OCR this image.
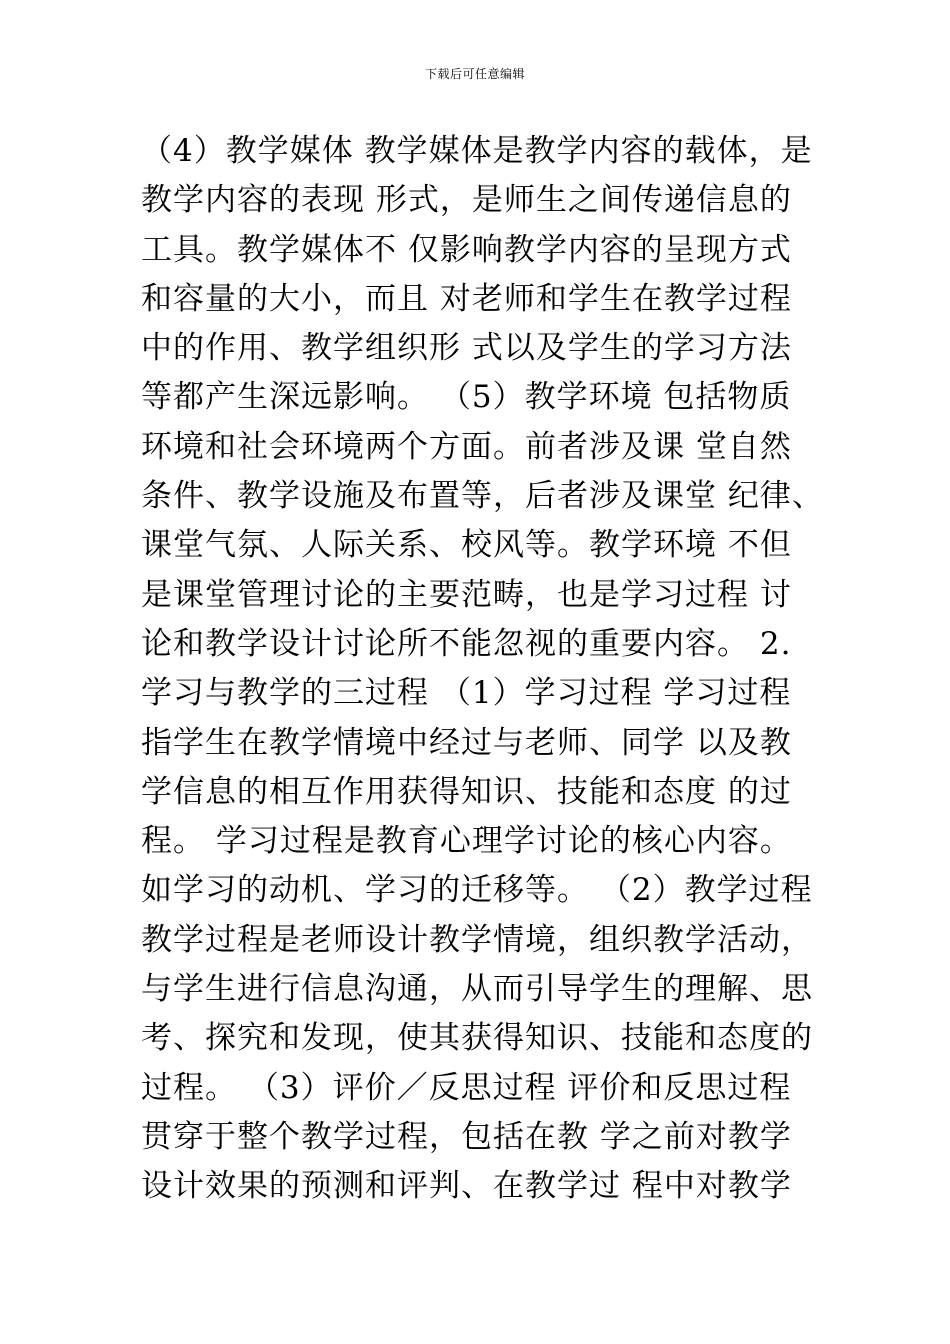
下载后可任意编辑
（4）教学媒体 教学媒体是教学内容的载体，是
教学内容的表现 形式，是师生之间传递信息的
工具。教学媒体不 仅影响教学内容的呈现方式
和容量的大小，而且 对老师和学生在教学过程
中的作用、教学组织形 式以及学生的学习方法
等都产生深远影响。 （5）教学环境 包括物质
环境和社会环境两个方面。前者涉及课 堂自然
条件、教学设施及布置等，后者涉及课堂 纪律、
课堂气氛、人际关系、校风等。教学环境 不但
是课堂管理讨论的主要范畴，也是学习过程 讨
论和教学设计讨论所不能忽视的重要内容。 2.
学习与教学的三过程 （1）学习过程 学习过程
指学生在教学情境中经过与老师、同学 以及教
学信息的相互作用获得知识、技能和态度 的过
程。 学习过程是教育心理学讨论的核心内容。
如学习的动机、学习的迁移等。 （2）教学过程
教学过程是老师设计教学情境，组织教学活动，
与学生进行信息沟通，从而引导学生的理解、思
考、探究和发现，使其获得知识、技能和态度的
过程。 （3）评价／反思过程 评价和反思过程
贯穿于整个教学过程，包括在教 学之前对教学
设计效果的预测和评判、在教学过 程中对教学
